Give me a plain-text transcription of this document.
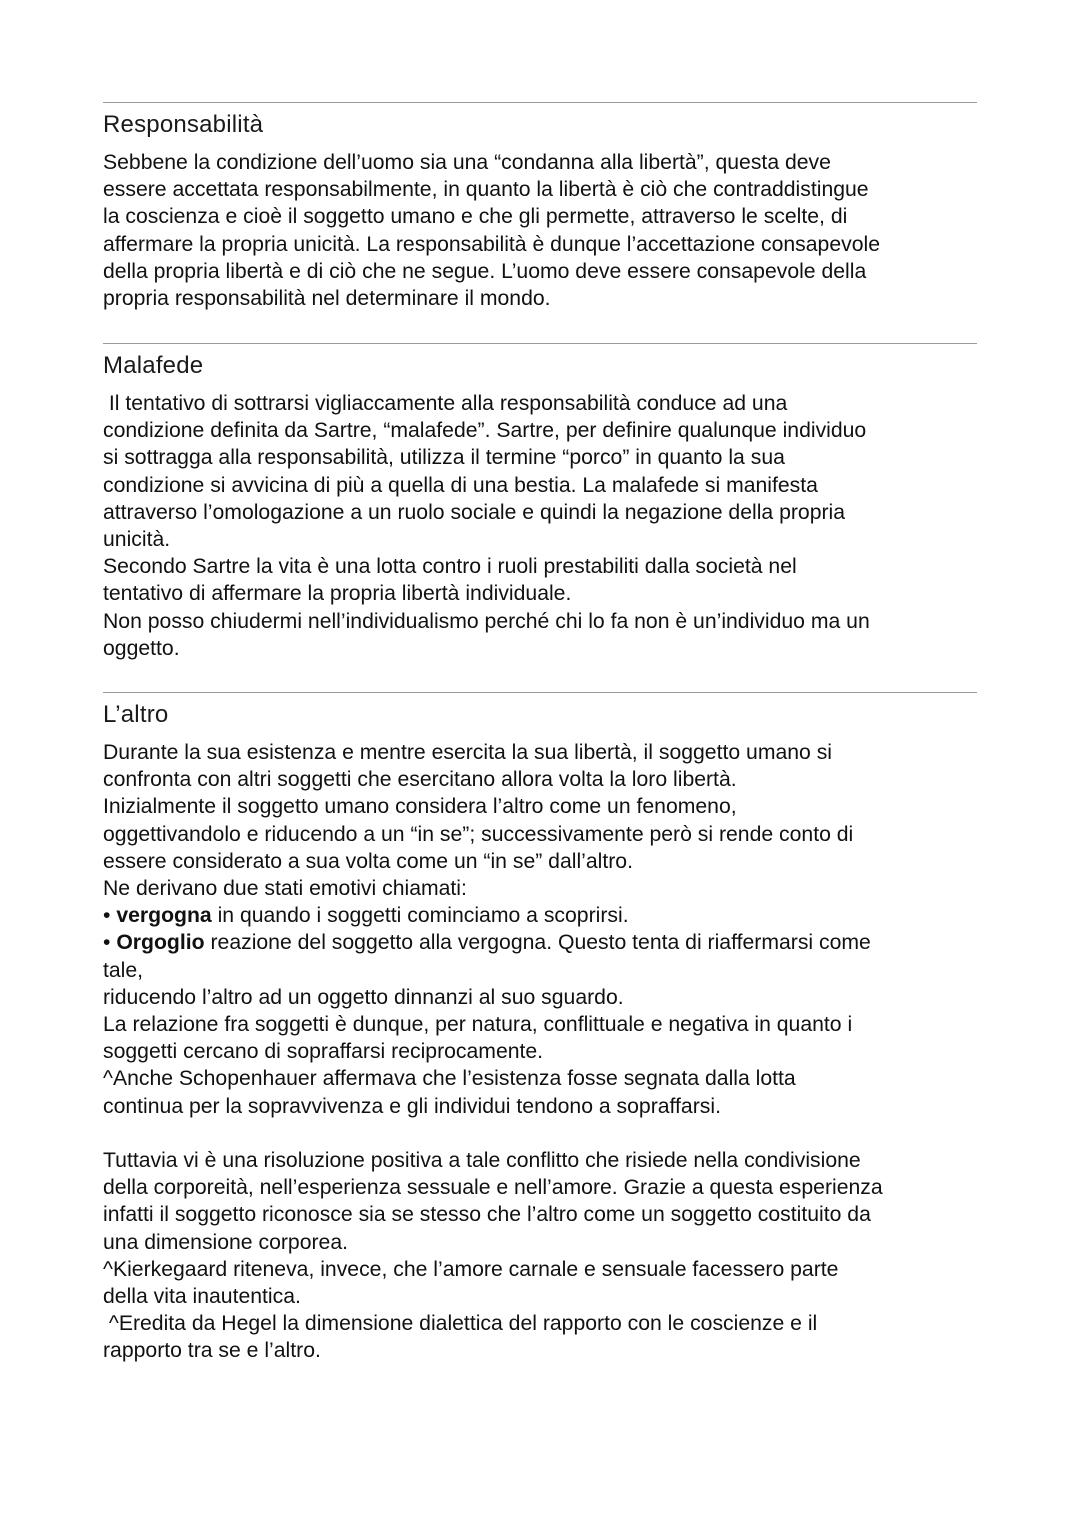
Responsabilità
Sebbene la condizione dell’uomo sia una “condanna alla libertà”, questa deve
essere accettata responsabilmente, in quanto la libertà è ciò che contraddistingue
la coscienza e cioè il soggetto umano e che gli permette, attraverso le scelte, di
affermare la propria unicità. La responsabilità è dunque l’accettazione consapevole
della propria libertà e di ciò che ne segue. L’uomo deve essere consapevole della
propria responsabilità nel determinare il mondo.
Malafede
Il tentativo di sottrarsi vigliaccamente alla responsabilità conduce ad una
condizione definita da Sartre, “malafede”. Sartre, per definire qualunque individuo
si sottragga alla responsabilità, utilizza il termine “porco” in quanto la sua
condizione si avvicina di più a quella di una bestia. La malafede si manifesta
attraverso l’omologazione a un ruolo sociale e quindi la negazione della propria
unicità.
Secondo Sartre la vita è una lotta contro i ruoli prestabiliti dalla società nel
tentativo di affermare la propria libertà individuale.
Non posso chiudermi nell’individualismo perché chi lo fa non è un’individuo ma un
oggetto.
L’altro
Durante la sua esistenza e mentre esercita la sua libertà, il soggetto umano si
confronta con altri soggetti che esercitano allora volta la loro libertà.
Inizialmente il soggetto umano considera l’altro come un fenomeno,
oggettivandolo e riducendo a un “in se”; successivamente però si rende conto di
essere considerato a sua volta come un “in se” dall’altro.
Ne derivano due stati emotivi chiamati:
• vergogna in quando i soggetti cominciamo a scoprirsi.
• Orgoglio reazione del soggetto alla vergogna. Questo tenta di riaffermarsi come
tale,
riducendo l’altro ad un oggetto dinnanzi al suo sguardo.
La relazione fra soggetti è dunque, per natura, conflittuale e negativa in quanto i
soggetti cercano di sopraffarsi reciprocamente.
^Anche Schopenhauer affermava che l’esistenza fosse segnata dalla lotta
continua per la sopravvivenza e gli individui tendono a sopraffarsi.
Tuttavia vi è una risoluzione positiva a tale conflitto che risiede nella condivisione
della corporeità, nell’esperienza sessuale e nell’amore. Grazie a questa esperienza
infatti il soggetto riconosce sia se stesso che l’altro come un soggetto costituito da
una dimensione corporea.
^Kierkegaard riteneva, invece, che l’amore carnale e sensuale facessero parte
della vita inautentica.
^Eredita da Hegel la dimensione dialettica del rapporto con le coscienze e il
rapporto tra se e l’altro.
